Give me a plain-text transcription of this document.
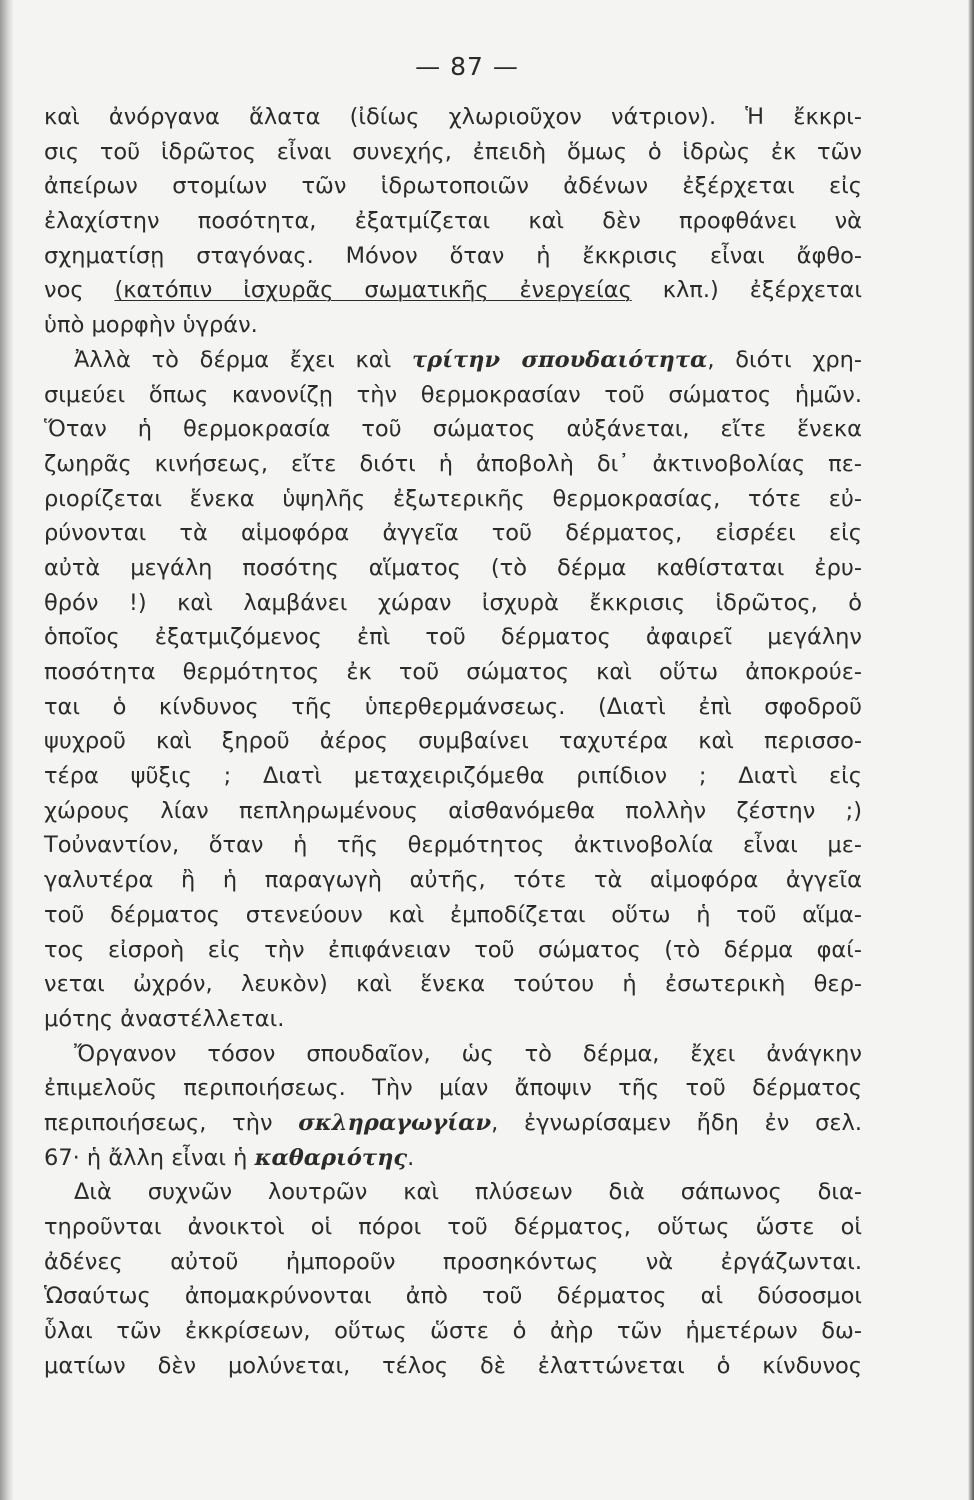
— 87 —
καὶ ἀνόργανα ἅλατα (ἰδίως χλωριοῦχον νάτριον). Ἡ ἔκκρι-
σις τοῦ ἱδρῶτος εἶναι συνεχής, ἐπειδὴ ὅμως ὁ ἱδρὼς ἐκ τῶν
ἀπείρων στομίων τῶν ἱδρωτοποιῶν ἀδένων ἐξέρχεται εἰς
ἐλαχίστην ποσότητα, ἐξατμίζεται καὶ δὲν προφθάνει νὰ
σχηματίσῃ σταγόνας. Μόνον ὅταν ἡ ἔκκρισις εἶναι ἄφθο-
νος (κατόπιν ἰσχυρᾶς σωματικῆς ἐνεργείας κλπ.) ἐξέρχεται
ὑπὸ μορφὴν ὑγράν.
Ἀλλὰ τὸ δέρμα ἔχει καὶ τρίτην σπουδαιότητα, διότι χρη-
σιμεύει ὅπως κανονίζῃ τὴν θερμοκρασίαν τοῦ σώματος ἡμῶν.
Ὅταν ἡ θερμοκρασία τοῦ σώματος αὐξάνεται, εἴτε ἕνεκα
ζωηρᾶς κινήσεως, εἴτε διότι ἡ ἀποβολὴ δι᾽ ἀκτινοβολίας πε-
ριορίζεται ἕνεκα ὑψηλῆς ἐξωτερικῆς θερμοκρασίας, τότε εὐ-
ρύνονται τὰ αἱμοφόρα ἀγγεῖα τοῦ δέρματος, εἰσρέει εἰς
αὐτὰ μεγάλη ποσότης αἵματος (τὸ δέρμα καθίσταται ἐρυ-
θρόν !) καὶ λαμβάνει χώραν ἰσχυρὰ ἔκκρισις ἱδρῶτος, ὁ
ὁποῖος ἐξατμιζόμενος ἐπὶ τοῦ δέρματος ἀφαιρεῖ μεγάλην
ποσότητα θερμότητος ἐκ τοῦ σώματος καὶ οὕτω ἀποκρούε-
ται ὁ κίνδυνος τῆς ὑπερθερμάνσεως. (Διατὶ ἐπὶ σφοδροῦ
ψυχροῦ καὶ ξηροῦ ἀέρος συμβαίνει ταχυτέρα καὶ περισσο-
τέρα ψῦξις ; Διατὶ μεταχειριζόμεθα ριπίδιον ; Διατὶ εἰς
χώρους λίαν πεπληρωμένους αἰσθανόμεθα πολλὴν ζέστην ;)
Τοὐναντίον, ὅταν ἡ τῆς θερμότητος ἀκτινοβολία εἶναι με-
γαλυτέρα ἢ ἡ παραγωγὴ αὐτῆς, τότε τὰ αἱμοφόρα ἀγγεῖα
τοῦ δέρματος στενεύουν καὶ ἐμποδίζεται οὕτω ἡ τοῦ αἵμα-
τος εἰσροὴ εἰς τὴν ἐπιφάνειαν τοῦ σώματος (τὸ δέρμα φαί-
νεται ὠχρόν, λευκὸν) καὶ ἕνεκα τούτου ἡ ἐσωτερικὴ θερ-
μότης ἀναστέλλεται.
Ὄργανον τόσον σπουδαῖον, ὡς τὸ δέρμα, ἔχει ἀνάγκην
ἐπιμελοῦς περιποιήσεως. Τὴν μίαν ἄποψιν τῆς τοῦ δέρματος
περιποιήσεως, τὴν σκληραγωγίαν, ἐγνωρίσαμεν ἤδη ἐν σελ.
67· ἡ ἄλλη εἶναι ἡ καθαριότης.
Διὰ συχνῶν λουτρῶν καὶ πλύσεων διὰ σάπωνος δια-
τηροῦνται ἀνοικτοὶ οἱ πόροι τοῦ δέρματος, οὕτως ὥστε οἱ
ἀδένες αὐτοῦ ἠμποροῦν προσηκόντως νὰ ἐργάζωνται.
Ὡσαύτως ἀπομακρύνονται ἀπὸ τοῦ δέρματος αἱ δύσοσμοι
ὗλαι τῶν ἐκκρίσεων, οὕτως ὥστε ὁ ἀὴρ τῶν ἡμετέρων δω-
ματίων δὲν μολύνεται, τέλος δὲ ἐλαττώνεται ὁ κίνδυνος
